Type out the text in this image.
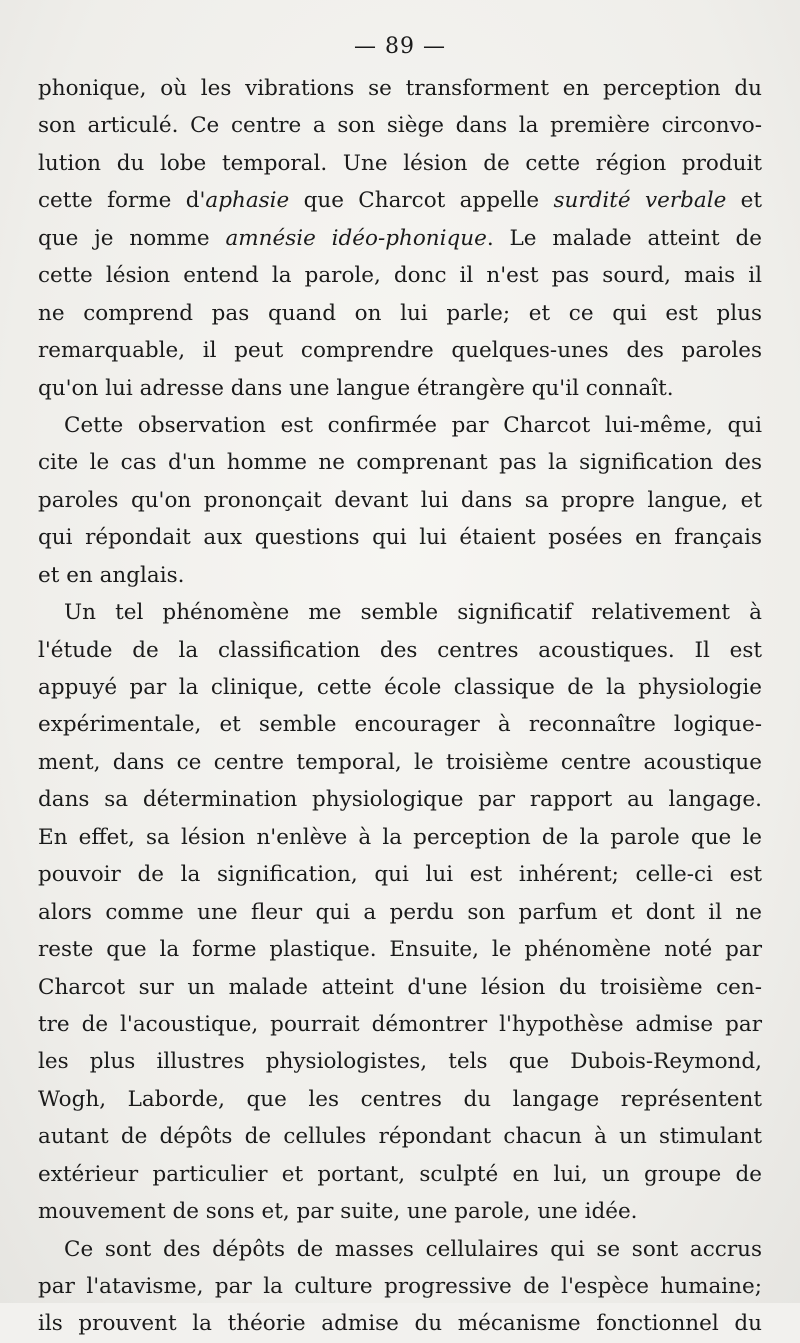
— 89 —
phonique, où les vibrations se transforment en perception du
son articulé. Ce centre a son siège dans la première circonvo-
lution du lobe temporal. Une lésion de cette région produit
cette forme d'aphasie que Charcot appelle surdité verbale et
que je nomme amnésie idéo-phonique. Le malade atteint de
cette lésion entend la parole, donc il n'est pas sourd, mais il
ne comprend pas quand on lui parle; et ce qui est plus
remarquable, il peut comprendre quelques-unes des paroles
qu'on lui adresse dans une langue étrangère qu'il connaît.
Cette observation est confirmée par Charcot lui-même, qui
cite le cas d'un homme ne comprenant pas la signification des
paroles qu'on prononçait devant lui dans sa propre langue, et
qui répondait aux questions qui lui étaient posées en français
et en anglais.
Un tel phénomène me semble significatif relativement à
l'étude de la classification des centres acoustiques. Il est
appuyé par la clinique, cette école classique de la physiologie
expérimentale, et semble encourager à reconnaître logique-
ment, dans ce centre temporal, le troisième centre acoustique
dans sa détermination physiologique par rapport au langage.
En effet, sa lésion n'enlève à la perception de la parole que le
pouvoir de la signification, qui lui est inhérent; celle-ci est
alors comme une fleur qui a perdu son parfum et dont il ne
reste que la forme plastique. Ensuite, le phénomène noté par
Charcot sur un malade atteint d'une lésion du troisième cen-
tre de l'acoustique, pourrait démontrer l'hypothèse admise par
les plus illustres physiologistes, tels que Dubois-Reymond,
Wogh, Laborde, que les centres du langage représentent
autant de dépôts de cellules répondant chacun à un stimulant
extérieur particulier et portant, sculpté en lui, un groupe de
mouvement de sons et, par suite, une parole, une idée.
Ce sont des dépôts de masses cellulaires qui se sont accrus
par l'atavisme, par la culture progressive de l'espèce humaine;
ils prouvent la théorie admise du mécanisme fonctionnel du
